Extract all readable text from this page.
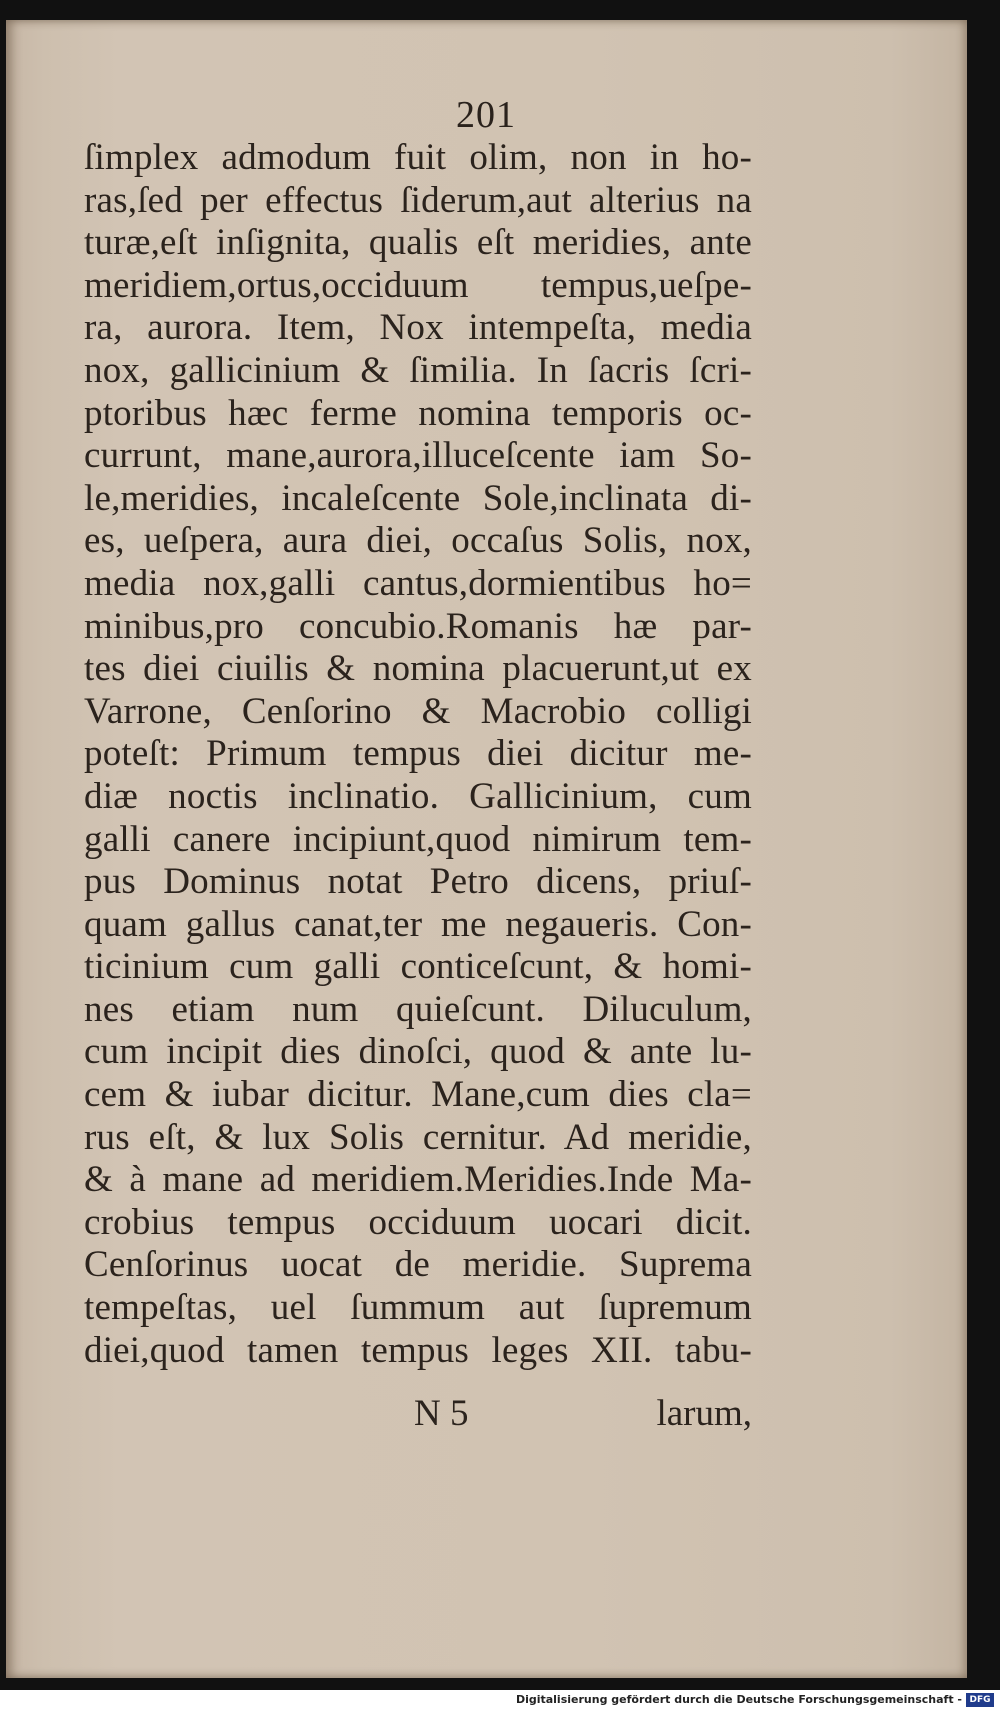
201
ſimplex admodum fuit olim, non in ho-
ras,ſed per effectus ſiderum,aut alterius na
turæ,eſt inſignita, qualis eſt meridies, ante
meridiem,ortus,occiduum tempus,ueſpe-
ra, aurora. Item, Nox intempeſta, media
nox, gallicinium & ſimilia. In ſacris ſcri-
ptoribus hæc ferme nomina temporis oc-
currunt, mane,aurora,illuceſcente iam So-
le,meridies, incaleſcente Sole,inclinata di-
es, ueſpera, aura diei, occaſus Solis, nox,
media nox,galli cantus,dormientibus ho=
minibus,pro concubio.Romanis hæ par-
tes diei ciuilis & nomina placuerunt,ut ex
Varrone, Cenſorino & Macrobio colligi
poteſt: Primum tempus diei dicitur me-
diæ noctis inclinatio. Gallicinium, cum
galli canere incipiunt,quod nimirum tem-
pus Dominus notat Petro dicens, priuſ-
quam gallus canat,ter me negaueris. Con-
ticinium cum galli conticeſcunt, & homi-
nes etiam num quieſcunt. Diluculum,
cum incipit dies dinoſci, quod & ante lu-
cem & iubar dicitur. Mane,cum dies cla=
rus eſt, & lux Solis cernitur. Ad meridie,
& à mane ad meridiem.Meridies.Inde Ma-
crobius tempus occiduum uocari dicit.
Cenſorinus uocat de meridie. Suprema
tempeſtas, uel ſummum aut ſupremum
diei,quod tamen tempus leges XII. tabu-
N 5	larum,
Digitalisierung gefördert durch die Deutsche Forschungsgemeinschaft - DFG
